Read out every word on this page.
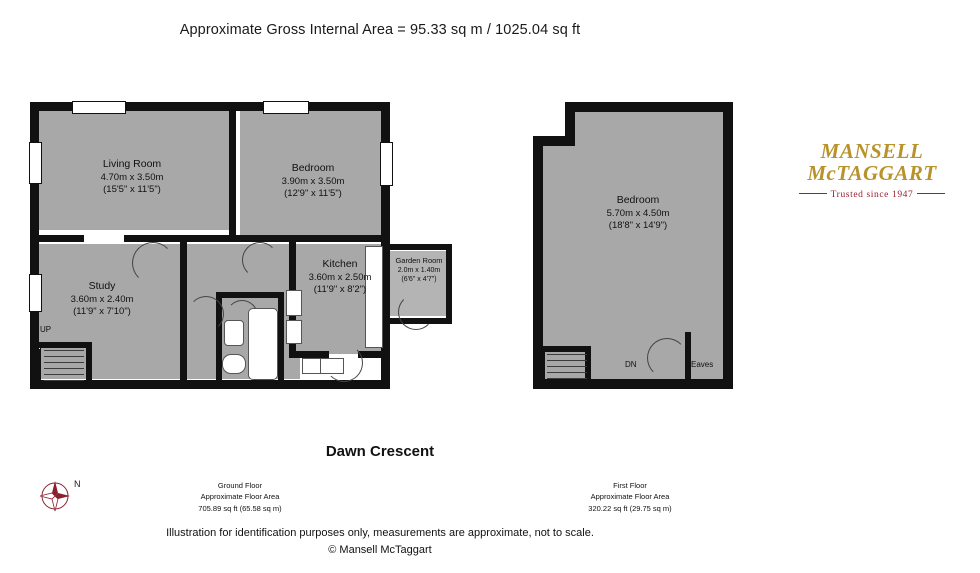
Approximate Gross Internal Area = 95.33 sq m / 1025.04 sq ft
MANSELL
McTAGGART
Trusted since 1947
Living Room
4.70m x 3.50m
(15'5" x 11'5")
Bedroom
3.90m x 3.50m
(12'9" x 11'5")
Study
3.60m x 2.40m
(11'9" x 7'10")
Kitchen
3.60m x 2.50m
(11'9" x 8'2")
Garden Room
2.0m x 1.40m
(6'6" x 4'7")
UP
Bedroom
5.70m x 4.50m
(18'8" x 14'9")
DN	Eaves
Dawn Crescent
Ground Floor
Approximate Floor Area
705.89 sq ft (65.58 sq m)
First Floor
Approximate Floor Area
320.22 sq ft (29.75 sq m)
N
Illustration for identification purposes only, measurements are approximate, not to scale.
© Mansell McTaggart
